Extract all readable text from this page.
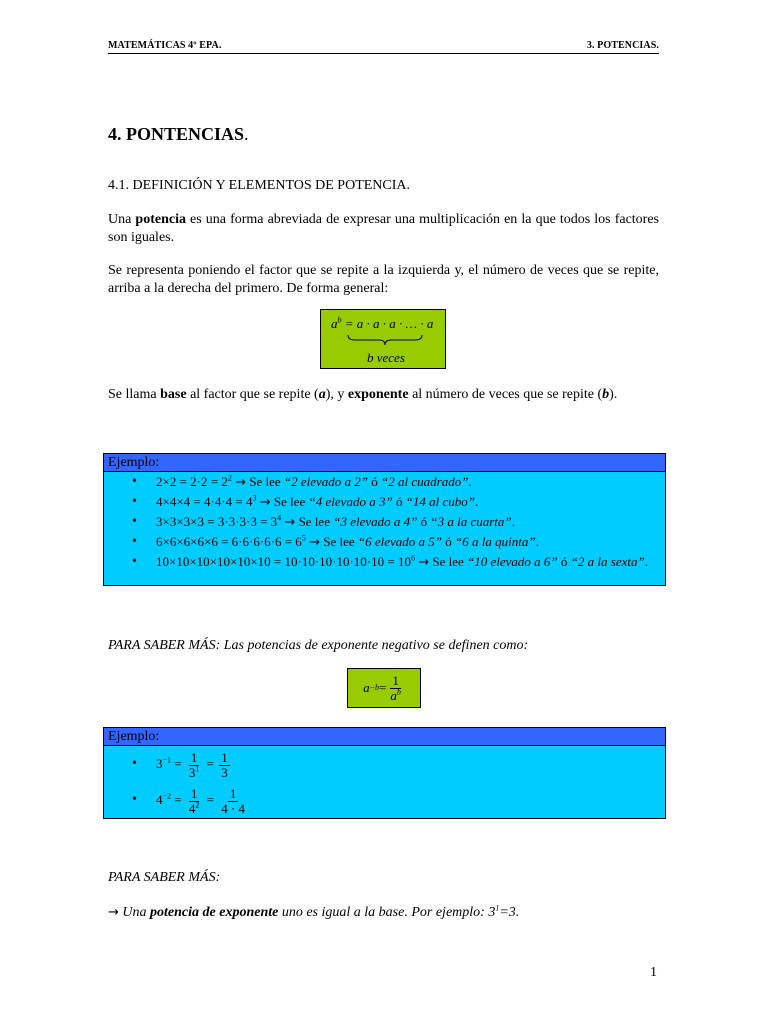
MATEMÁTICAS 4º EPA.	3. POTENCIAS.
4. PONTENCIAS.
4.1. DEFINICIÓN Y ELEMENTOS DE POTENCIA.
Una potencia es una forma abreviada de expresar una multiplicación en la que todos los factores son iguales.
Se representa poniendo el factor que se repite a la izquierda y, el número de veces que se repite, arriba a la derecha del primero. De forma general:
$a^b = a \cdot a \cdot a$ · … · a
b veces
Se llama base al factor que se repite (a), y exponente al número de veces que se repite (b).
Ejemplo:
• $2\times 2 = 2\cdot 2 = 2^2 \to Se$ lee “2 elevado a 2” ó “2 al cuadrado”.
• $4\times 4\times 4 = 4\cdot 4\cdot 4 = 4^3 \to Se$ lee “4 elevado a 3” ó “14 al cubo”.
• $3\times 3\times 3\times 3 = 3\cdot 3\cdot 3\cdot 3 = 3^4 \to Se$ lee “3 elevado a 4” ó “3 a la cuarta”.
• $6\times 6\times 6\times 6\times 6 = 6\cdot 6\cdot 6\cdot 6\cdot 6 = 6^5 \to Se$ lee “6 elevado a 5” ó “6 a la quinta”.
• $10\times 10\times 10\times 10\times 10\times 10 = 10\cdot 10\cdot 10\cdot 10\cdot 10\cdot 10 = 10^6 \to Se$ lee “10 elevado a 6” ó “2 a la sexta”.
PARA SABER MÁS: Las potencias de exponente negativo se definen como:
$a -b = \frac{1}{a^b}$
Ejemplo:
• $3^{-1} = \frac{1}{3^1} = \frac{1}{3}$
• $4^{-2} = \frac{1}{4^2} = \frac{1}{4 \cdot 4}$
PARA SABER MÁS:
→ Una potencia de exponente uno es igual a la base. Por ejemplo: $3^1=3$.
1
